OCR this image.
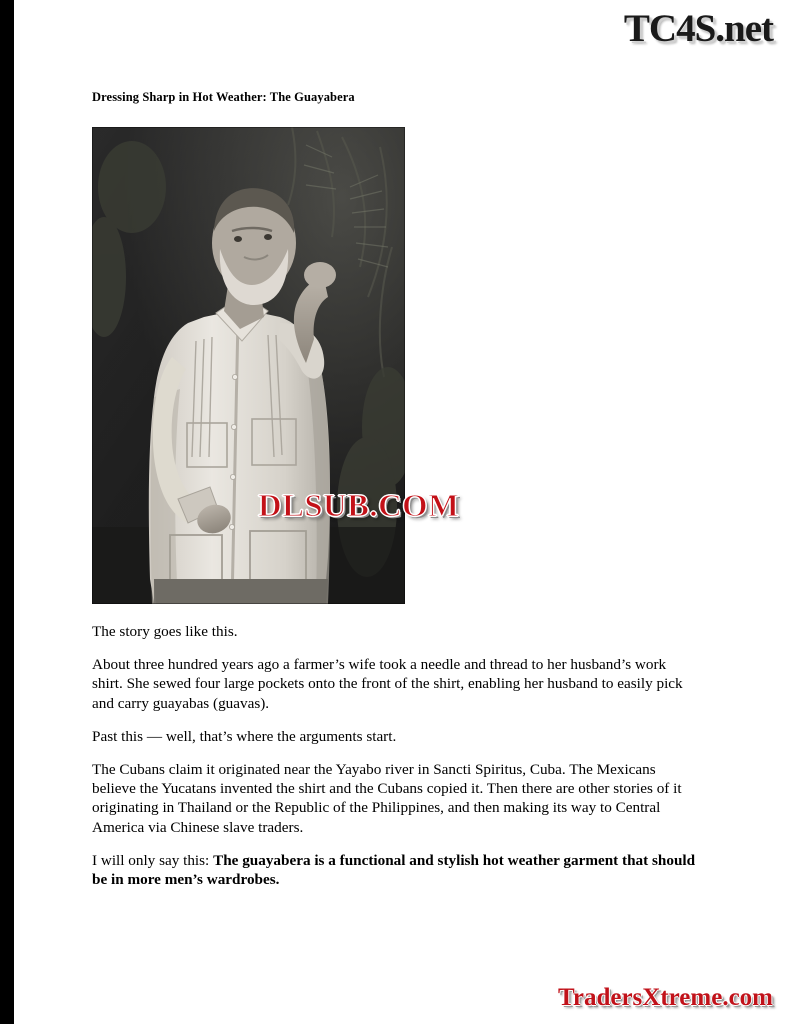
TC4S.net
Dressing Sharp in Hot Weather: The Guayabera
DLSUB.COM

The story goes like this.

About three hundred years ago a farmer’s wife took a needle and thread to her husband’s work shirt. She sewed four large pockets onto the front of the shirt, enabling her husband to easily pick and carry guayabas (guavas).

Past this — well, that’s where the arguments start.

The Cubans claim it originated near the Yayabo river in Sancti Spiritus, Cuba. The Mexicans believe the Yucatans invented the shirt and the Cubans copied it. Then there are other stories of it originating in Thailand or the Republic of the Philippines, and then making its way to Central America via Chinese slave traders.

I will only say this: The guayabera is a functional and stylish hot weather garment that should be in more men’s wardrobes.

TradersXtreme.com
